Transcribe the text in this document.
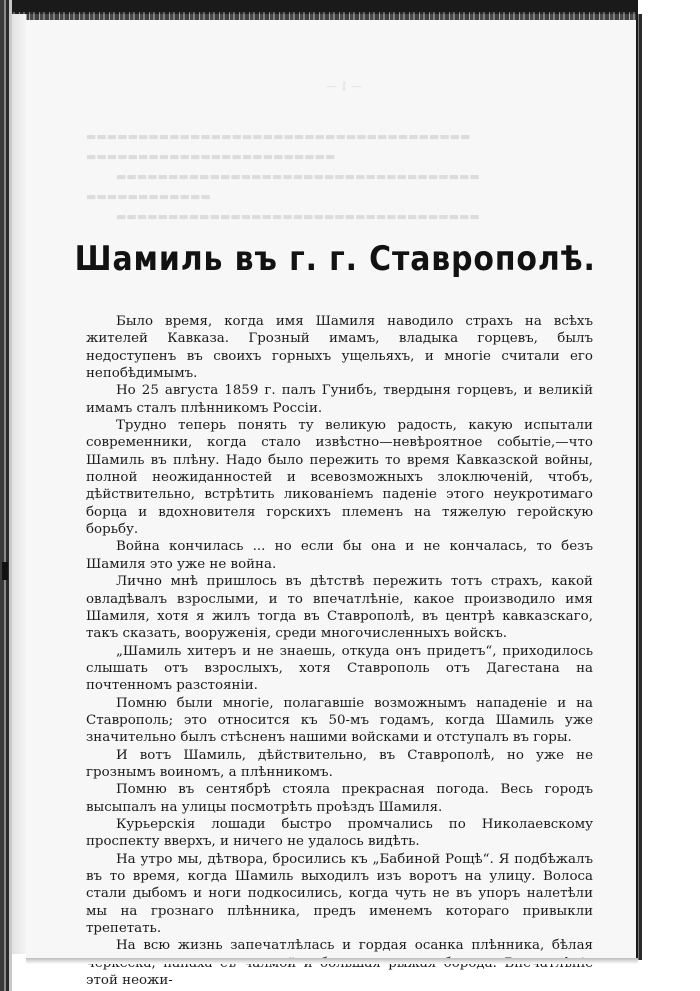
— 1 —
▬▬▬▬▬▬▬▬▬▬▬▬▬▬▬▬▬▬▬▬▬▬▬▬▬▬▬▬▬▬▬▬▬▬▬▬▬
▬▬▬▬▬▬▬▬▬▬▬▬▬▬▬▬▬▬▬▬▬▬▬▬
▬▬▬▬▬▬▬▬▬▬▬▬▬▬▬▬▬▬▬▬▬▬▬▬▬▬▬▬▬▬▬▬▬▬▬
▬▬▬▬▬▬▬▬▬▬▬▬
▬▬▬▬▬▬▬▬▬▬▬▬▬▬▬▬▬▬▬▬▬▬▬▬▬▬▬▬▬▬▬▬▬▬▬
Шамиль въ г. г. Ставрополѣ.

Было время, когда имя Шамиля наводило страхъ на всѣхъ жителей Кавказа. Грозный имамъ, владыка горцевъ, былъ недоступенъ въ своихъ горныхъ ущельяхъ, и многіе считали его непобѣдимымъ.

Но 25 августа 1859 г. палъ Гунибъ, твердыня горцевъ, и великій имамъ сталъ плѣнникомъ Россіи.

Трудно теперь понять ту великую радость, какую испытали современники, когда стало извѣстно—невѣроятное событіе,—что Шамиль въ плѣну. Надо было пережить то время Кавказской войны, полной неожиданностей и всевозможныхъ злоключеній, чтобъ, дѣйствительно, встрѣтить ликованіемъ паденіе этого неукротимаго борца и вдохновителя горскихъ племенъ на тяжелую геройскую борьбу.

Война кончилась ... но если бы она и не кончалась, то безъ Шамиля это уже не война.

Лично мнѣ пришлось въ дѣтствѣ пережить тотъ страхъ, какой овладѣвалъ взрослыми, и то впечатлѣніе, какое производило имя Шамиля, хотя я жилъ тогда въ Ставрополѣ, въ центрѣ кавказскаго, такъ сказать, вооруженія, среди многочисленныхъ войскъ.

„Шамиль хитеръ и не знаешь, откуда онъ придетъ“, приходилось слышать отъ взрослыхъ, хотя Ставрополь отъ Дагестана на почтенномъ разстояніи.

Помню были многіе, полагавшіе возможнымъ нападеніе и на Ставрополь; это относится къ 50-мъ годамъ, когда Шамиль уже значительно былъ стѣсненъ нашими войсками и отступалъ въ горы.

И вотъ Шамиль, дѣйствительно, въ Ставрополѣ, но уже не грознымъ воиномъ, а плѣнникомъ.

Помню въ сентябрѣ стояла прекрасная погода. Весь городъ высыпалъ на улицы посмотрѣть проѣздъ Шамиля.

Курьерскія лошади быстро промчались по Николаевскому проспекту вверхъ, и ничего не удалось видѣть.

На утро мы, дѣтвора, бросились къ „Бабиной Рощѣ“. Я подбѣжалъ въ то время, когда Шамиль выходилъ изъ воротъ на улицу. Волоса стали дыбомъ и ноги подкосились, когда чуть не въ упоръ налетѣли мы на грознаго плѣнника, предъ именемъ котораго привыкли трепетать.

На всю жизнь запечатлѣлась и гордая осанка плѣнника, бѣлая этой неожи-
